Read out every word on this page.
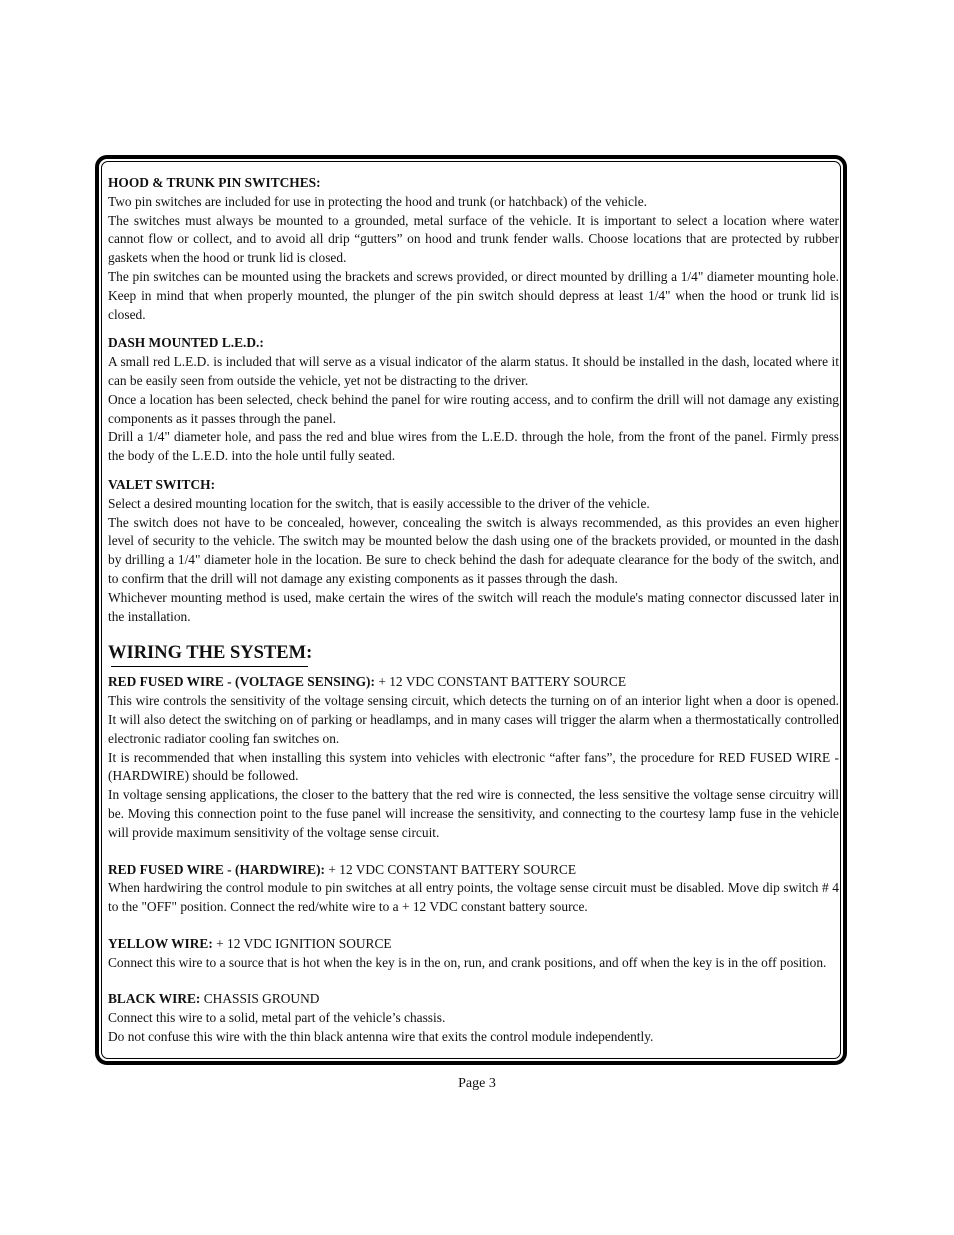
HOOD & TRUNK PIN SWITCHES:
Two pin switches are included for use in protecting the hood and trunk (or hatchback) of the vehicle.
The switches must always be mounted to a grounded, metal surface of the vehicle. It is important to select a location where water cannot flow or collect, and to avoid all drip “gutters” on hood and trunk fender walls. Choose locations that are protected by rubber gaskets when the hood or trunk lid is closed.
The pin switches can be mounted using the brackets and screws provided, or direct mounted by drilling a 1/4" diameter mounting hole. Keep in mind that when properly mounted, the plunger of the pin switch should depress at least 1/4" when the hood or trunk lid is closed.
DASH MOUNTED L.E.D.:
A small red L.E.D. is included that will serve as a visual indicator of the alarm status. It should be installed in the dash, located where it can be easily seen from outside the vehicle, yet not be distracting to the driver.
Once a location has been selected, check behind the panel for wire routing access, and to confirm the drill will not damage any existing components as it passes through the panel.
Drill a 1/4" diameter hole, and pass the red and blue wires from the L.E.D. through the hole, from the front of the panel. Firmly press the body of the L.E.D. into the hole until fully seated.
VALET SWITCH:
Select a desired mounting location for the switch, that is easily accessible to the driver of the vehicle.
The switch does not have to be concealed, however, concealing the switch is always recommended, as this provides an even higher level of security to the vehicle. The switch may be mounted below the dash using one of the brackets provided, or mounted in the dash by drilling a 1/4" diameter hole in the location. Be sure to check behind the dash for adequate clearance for the body of the switch, and to confirm that the drill will not damage any existing components as it passes through the dash.
Whichever mounting method is used, make certain the wires of the switch will reach the module's mating connector discussed later in the installation.
WIRING THE SYSTEM:
RED FUSED WIRE - (VOLTAGE SENSING): + 12 VDC CONSTANT BATTERY SOURCE
This wire controls the sensitivity of the voltage sensing circuit, which detects the turning on of an interior light when a door is opened. It will also detect the switching on of parking or headlamps, and in many cases will trigger the alarm when a thermostatically controlled electronic radiator cooling fan switches on.
It is recommended that when installing this system into vehicles with electronic “after fans”, the procedure for RED FUSED WIRE - (HARDWIRE) should be followed.
In voltage sensing applications, the closer to the battery that the red wire is connected, the less sensitive the voltage sense circuitry will be. Moving this connection point to the fuse panel will increase the sensitivity, and connecting to the courtesy lamp fuse in the vehicle will provide maximum sensitivity of the voltage sense circuit.
RED FUSED WIRE - (HARDWIRE): + 12 VDC CONSTANT BATTERY SOURCE
When hardwiring the control module to pin switches at all entry points, the voltage sense circuit must be disabled. Move dip switch # 4 to the "OFF" position. Connect the red/white wire to a + 12 VDC constant battery source.
YELLOW WIRE: + 12 VDC IGNITION SOURCE
Connect this wire to a source that is hot when the key is in the on, run, and crank positions, and off when the key is in the off position.
BLACK WIRE: CHASSIS GROUND
Connect this wire to a solid, metal part of the vehicle’s chassis.
Do not confuse this wire with the thin black antenna wire that exits the control module independently.
Page 3
